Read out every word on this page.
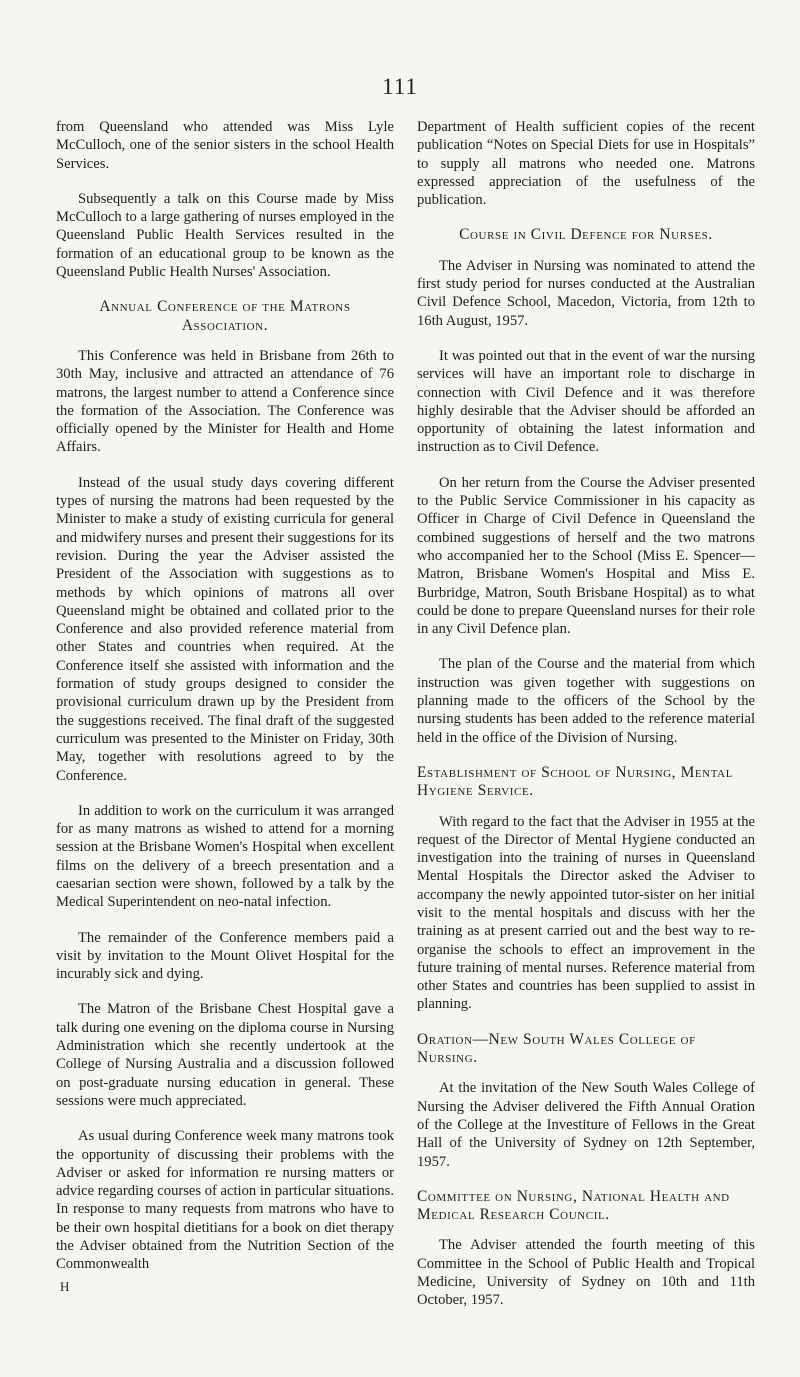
111

from Queensland who attended was Miss Lyle McCulloch, one of the senior sisters in the school Health Services.

Subsequently a talk on this Course made by Miss McCulloch to a large gathering of nurses employed in the Queensland Public Health Services resulted in the formation of an educational group to be known as the Queensland Public Health Nurses' Association.

Annual Conference of the Matrons Association.

This Conference was held in Brisbane from 26th to 30th May, inclusive and attracted an attendance of 76 matrons, the largest number to attend a Conference since the formation of the Association. The Conference was officially opened by the Minister for Health and Home Affairs.

Instead of the usual study days covering different types of nursing the matrons had been requested by the Minister to make a study of existing curricula for general and midwifery nurses and present their suggestions for its revision. During the year the Adviser assisted the President of the Association with suggestions as to methods by which opinions of matrons all over Queensland might be obtained and collated prior to the Conference and also provided reference material from other States and countries when required. At the Conference itself she assisted with information and the formation of study groups designed to consider the provisional curriculum drawn up by the President from the suggestions received. The final draft of the suggested curriculum was presented to the Minister on Friday, 30th May, together with resolutions agreed to by the Conference.

In addition to work on the curriculum it was arranged for as many matrons as wished to attend for a morning session at the Brisbane Women's Hospital when excellent films on the delivery of a breech presentation and a caesarian section were shown, followed by a talk by the Medical Superintendent on neo-natal infection.

The remainder of the Conference members paid a visit by invitation to the Mount Olivet Hospital for the incurably sick and dying.

The Matron of the Brisbane Chest Hospital gave a talk during one evening on the diploma course in Nursing Administration which she recently undertook at the College of Nursing Australia and a discussion followed on post-graduate nursing education in general. These sessions were much appreciated.

As usual during Conference week many matrons took the opportunity of discussing their problems with the Adviser or asked for information re nursing matters or advice regarding courses of action in particular situations. In response to many requests from matrons who have to be their own hospital dietitians for a book on diet therapy the Adviser obtained from the Nutrition Section of the Commonwealth

H

Department of Health sufficient copies of the recent publication “Notes on Special Diets for use in Hospitals” to supply all matrons who needed one. Matrons expressed appreciation of the usefulness of the publication.

Course in Civil Defence for Nurses.

The Adviser in Nursing was nominated to attend the first study period for nurses conducted at the Australian Civil Defence School, Macedon, Victoria, from 12th to 16th August, 1957.

It was pointed out that in the event of war the nursing services will have an important role to discharge in connection with Civil Defence and it was therefore highly desirable that the Adviser should be afforded an opportunity of obtaining the latest information and instruction as to Civil Defence.

On her return from the Course the Adviser presented to the Public Service Commissioner in his capacity as Officer in Charge of Civil Defence in Queensland the combined suggestions of herself and the two matrons who accompanied her to the School (Miss E. Spencer—Matron, Brisbane Women's Hospital and Miss E. Burbridge, Matron, South Brisbane Hospital) as to what could be done to prepare Queensland nurses for their role in any Civil Defence plan.

The plan of the Course and the material from which instruction was given together with suggestions on planning made to the officers of the School by the nursing students has been added to the reference material held in the office of the Division of Nursing.

Establishment of School of Nursing, Mental Hygiene Service.

With regard to the fact that the Adviser in 1955 at the request of the Director of Mental Hygiene conducted an investigation into the training of nurses in Queensland Mental Hospitals the Director asked the Adviser to accompany the newly appointed tutor-sister on her initial visit to the mental hospitals and discuss with her the training as at present carried out and the best way to re-organise the schools to effect an improvement in the future training of mental nurses. Reference material from other States and countries has been supplied to assist in planning.

Oration—New South Wales College of Nursing.

At the invitation of the New South Wales College of Nursing the Adviser delivered the Fifth Annual Oration of the College at the Investiture of Fellows in the Great Hall of the University of Sydney on 12th September, 1957.

Committee on Nursing, National Health and Medical Research Council.

The Adviser attended the fourth meeting of this Committee in the School of Public Health and Tropical Medicine, University of Sydney on 10th and 11th October, 1957.
